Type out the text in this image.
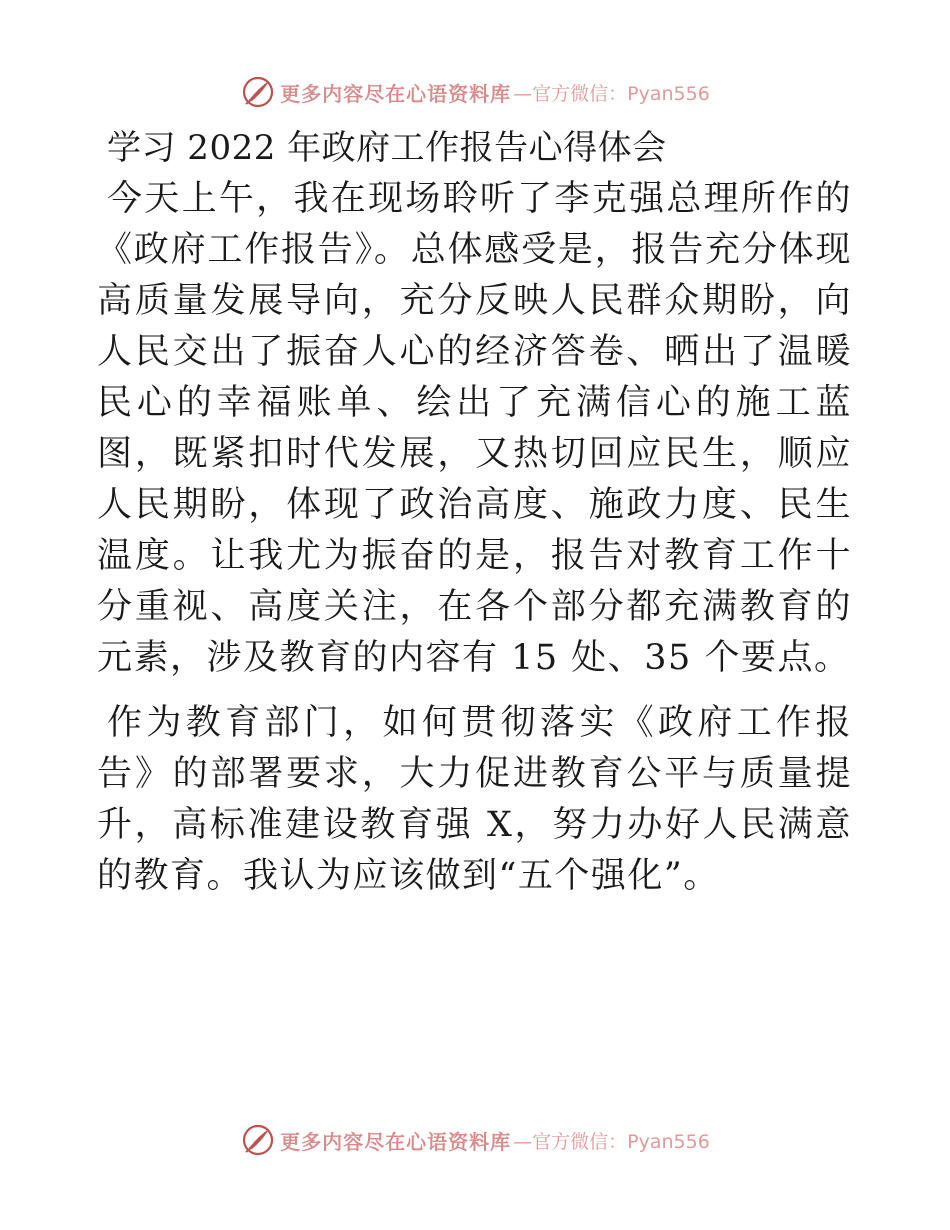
更多内容尽在心语资料库 —官方微信：Pyan556
学习 2022 年政府工作报告心得体会

今天上午，我在现场聆听了李克强总理所作的《政府工作报告》。总体感受是，报告充分体现高质量发展导向，充分反映人民群众期盼，向人民交出了振奋人心的经济答卷、晒出了温暖民心的幸福账单、绘出了充满信心的施工蓝图，既紧扣时代发展，又热切回应民生，顺应人民期盼，体现了政治高度、施政力度、民生温度。让我尤为振奋的是，报告对教育工作十分重视、高度关注，在各个部分都充满教育的元素，涉及教育的内容有 15 处、35 个要点。

作为教育部门，如何贯彻落实《政府工作报告》的部署要求，大力促进教育公平与质量提升，高标准建设教育强 X，努力办好人民满意的教育。我认为应该做到“五个强化”。

更多内容尽在心语资料库 —官方微信：Pyan556
